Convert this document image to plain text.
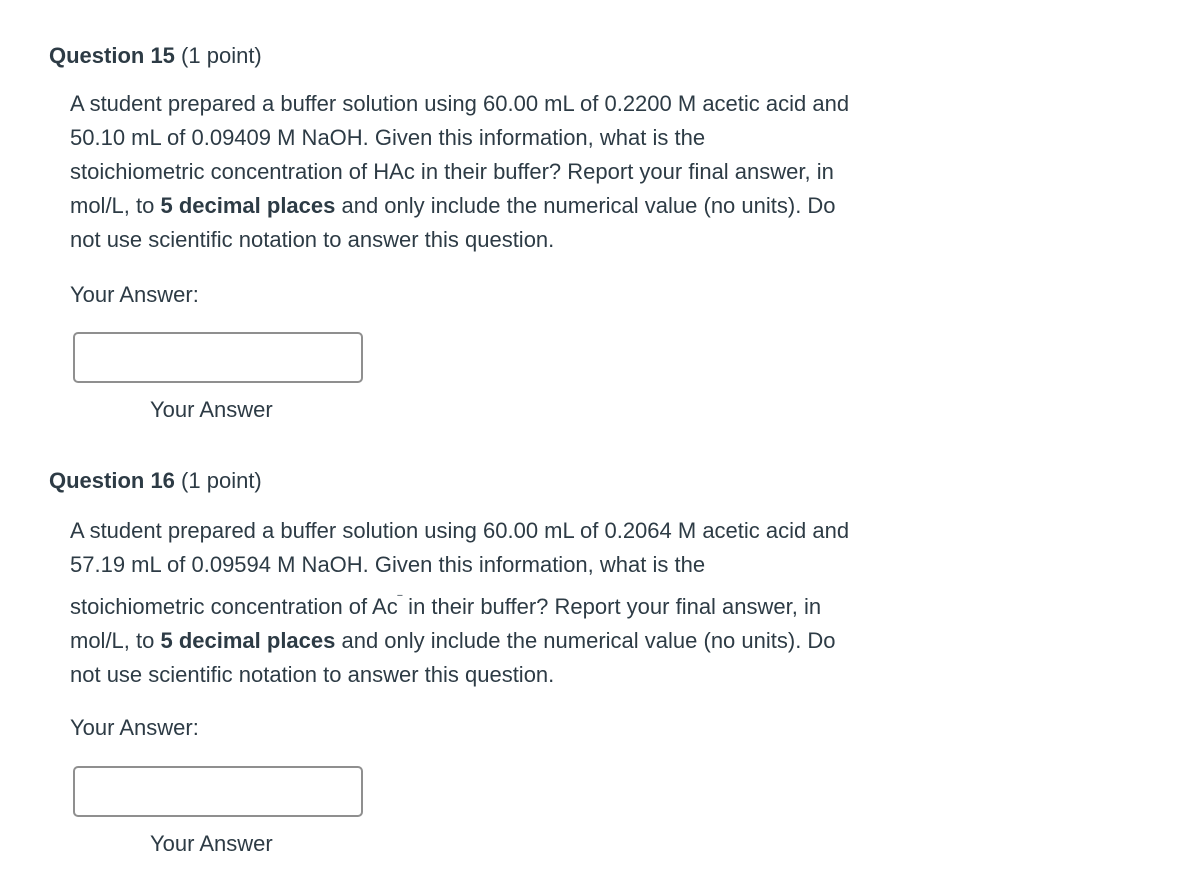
Question 15 (1 point)
A student prepared a buffer solution using 60.00 mL of 0.2200 M acetic acid and
50.10 mL of 0.09409 M NaOH. Given this information, what is the
stoichiometric concentration of HAc in their buffer? Report your final answer, in
mol/L, to 5 decimal places and only include the numerical value (no units). Do
not use scientific notation to answer this question.
Your Answer:
Your Answer
Question 16 (1 point)
A student prepared a buffer solution using 60.00 mL of 0.2064 M acetic acid and
57.19 mL of 0.09594 M NaOH. Given this information, what is the
stoichiometric concentration of Ac‾ in their buffer? Report your final answer, in
mol/L, to 5 decimal places and only include the numerical value (no units). Do
not use scientific notation to answer this question.
Your Answer:
Your Answer
